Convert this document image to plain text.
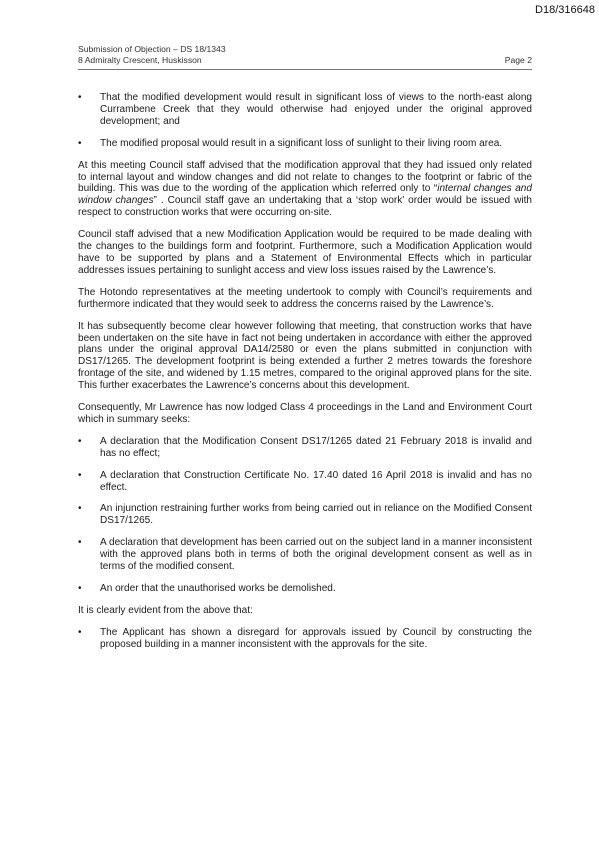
D18/316648
Submission of Objection – DS 18/1343
8 Admiralty Crescent, Huskisson	Page 2
• That the modified development would result in significant loss of views to the north-east along Currambene Creek that they would otherwise had enjoyed under the original approved development; and
• The modified proposal would result in a significant loss of sunlight to their living room area.

At this meeting Council staff advised that the modification approval that they had issued only related to internal layout and window changes and did not relate to changes to the footprint or fabric of the building. This was due to the wording of the application which referred only to “internal changes and window changes” . Council staff gave an undertaking that a ‘stop work’ order would be issued with respect to construction works that were occurring on-site.

Council staff advised that a new Modification Application would be required to be made dealing with the changes to the buildings form and footprint. Furthermore, such a Modification Application would have to be supported by plans and a Statement of Environmental Effects which in particular addresses issues pertaining to sunlight access and view loss issues raised by the Lawrence’s.

The Hotondo representatives at the meeting undertook to comply with Council’s requirements and furthermore indicated that they would seek to address the concerns raised by the Lawrence’s.

It has subsequently become clear however following that meeting, that construction works that have been undertaken on the site have in fact not being undertaken in accordance with either the approved plans under the original approval DA14/2580 or even the plans submitted in conjunction with DS17/1265. The development footprint is being extended a further 2 metres towards the foreshore frontage of the site, and widened by 1.15 metres, compared to the original approved plans for the site. This further exacerbates the Lawrence’s concerns about this development.

Consequently, Mr Lawrence has now lodged Class 4 proceedings in the Land and Environment Court which in summary seeks:

• A declaration that the Modification Consent DS17/1265 dated 21 February 2018 is invalid and has no effect;
• A declaration that Construction Certificate No. 17.40 dated 16 April 2018 is invalid and has no effect.
• An injunction restraining further works from being carried out in reliance on the Modified Consent DS17/1265.
• A declaration that development has been carried out on the subject land in a manner inconsistent with the approved plans both in terms of both the original development consent as well as in terms of the modified consent.
• An order that the unauthorised works be demolished.

It is clearly evident from the above that:

• The Applicant has shown a disregard for approvals issued by Council by constructing the proposed building in a manner inconsistent with the approvals for the site.
